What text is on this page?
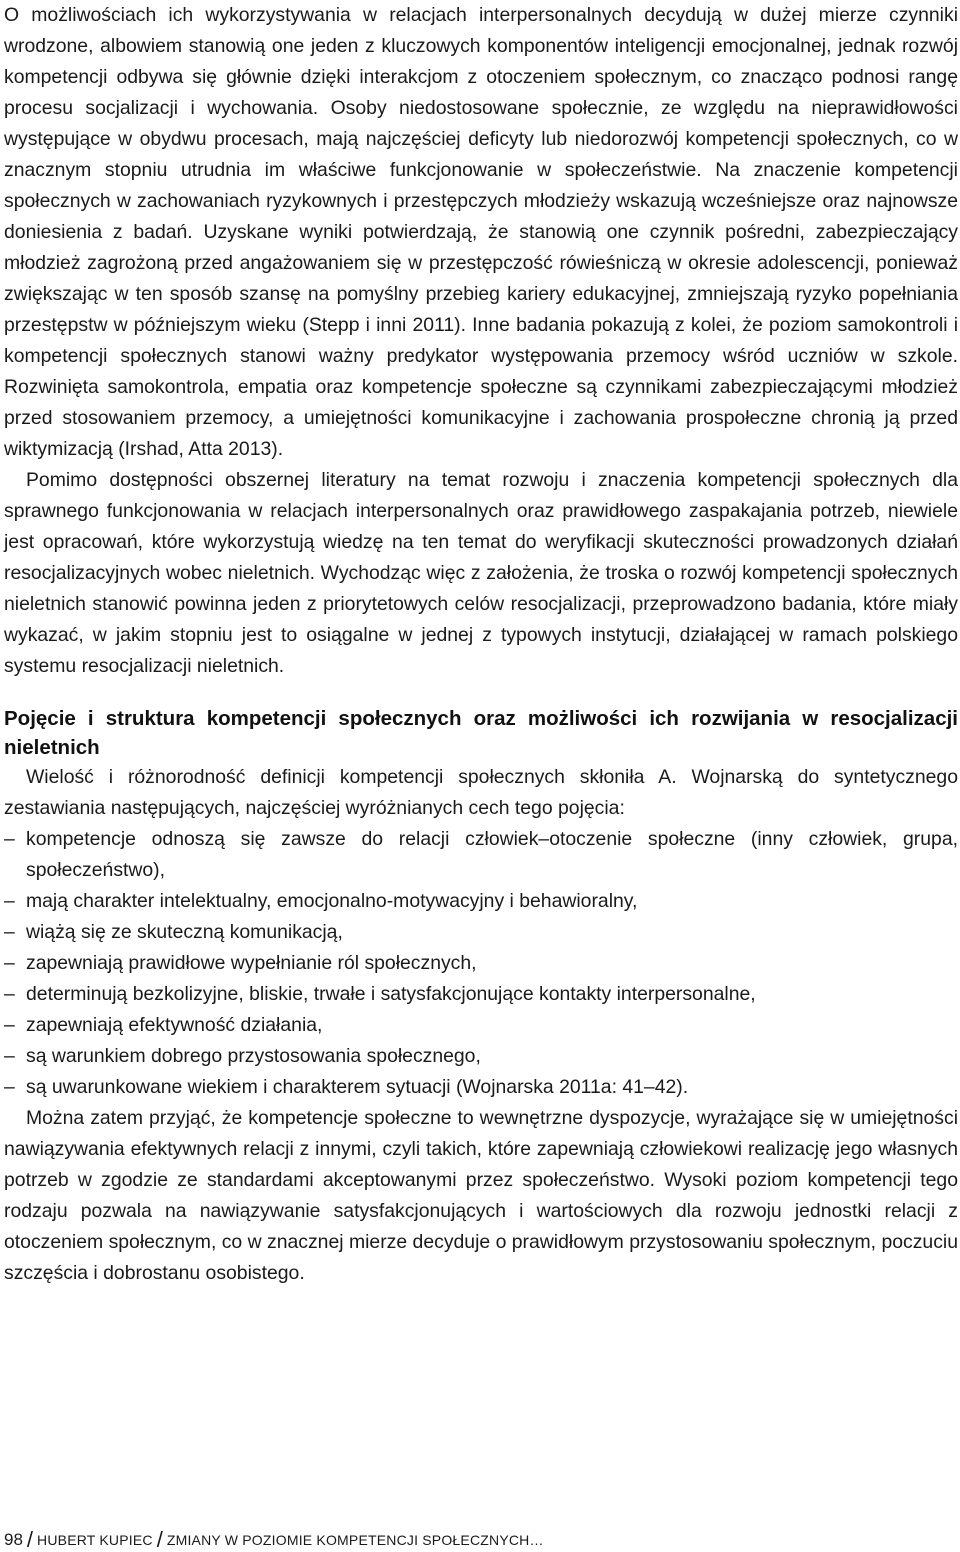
O możliwościach ich wykorzystywania w relacjach interpersonalnych decydują w dużej mierze czynniki wrodzone, albowiem stanowią one jeden z kluczowych komponentów inteligencji emocjonalnej, jednak rozwój kompetencji odbywa się głównie dzięki interakcjom z otoczeniem społecznym, co znacząco podnosi rangę procesu socjalizacji i wychowania. Osoby niedostosowane społecznie, ze względu na nieprawidłowości występujące w obydwu procesach, mają najczęściej deficyty lub niedorozwój kompetencji społecznych, co w znacznym stopniu utrudnia im właściwe funkcjonowanie w społeczeństwie. Na znaczenie kompetencji społecznych w zachowaniach ryzykownych i przestępczych młodzieży wskazują wcześniejsze oraz najnowsze doniesienia z badań. Uzyskane wyniki potwierdzają, że stanowią one czynnik pośredni, zabezpieczający młodzież zagrożoną przed angażowaniem się w przestępczość rówieśniczą w okresie adolescencji, ponieważ zwiększając w ten sposób szansę na pomyślny przebieg kariery edukacyjnej, zmniejszają ryzyko popełniania przestępstw w późniejszym wieku (Stepp i inni 2011). Inne badania pokazują z kolei, że poziom samokontroli i kompetencji społecznych stanowi ważny predykator występowania przemocy wśród uczniów w szkole. Rozwinięta samokontrola, empatia oraz kompetencje społeczne są czynnikami zabezpieczającymi młodzież przed stosowaniem przemocy, a umiejętności komunikacyjne i zachowania prospołeczne chronią ją przed wiktymizacją (Irshad, Atta 2013).

Pomimo dostępności obszernej literatury na temat rozwoju i znaczenia kompetencji społecznych dla sprawnego funkcjonowania w relacjach interpersonalnych oraz prawidłowego zaspakajania potrzeb, niewiele jest opracowań, które wykorzystują wiedzę na ten temat do weryfikacji skuteczności prowadzonych działań resocjalizacyjnych wobec nieletnich. Wychodząc więc z założenia, że troska o rozwój kompetencji społecznych nieletnich stanowić powinna jeden z priorytetowych celów resocjalizacji, przeprowadzono badania, które miały wykazać, w jakim stopniu jest to osiągalne w jednej z typowych instytucji, działającej w ramach polskiego systemu resocjalizacji nieletnich.

Pojęcie i struktura kompetencji społecznych oraz możliwości ich rozwijania w resocjalizacji nieletnich

Wielość i różnorodność definicji kompetencji społecznych skłoniła A. Wojnarską do syntetycznego zestawiania następujących, najczęściej wyróżnianych cech tego pojęcia:

– kompetencje odnoszą się zawsze do relacji człowiek–otoczenie społeczne (inny człowiek, grupa, społeczeństwo),
– mają charakter intelektualny, emocjonalno-motywacyjny i behawioralny,
– wiążą się ze skuteczną komunikacją,
– zapewniają prawidłowe wypełnianie ról społecznych,
– determinują bezkolizyjne, bliskie, trwałe i satysfakcjonujące kontakty interpersonalne,
– zapewniają efektywność działania,
– są warunkiem dobrego przystosowania społecznego,
– są uwarunkowane wiekiem i charakterem sytuacji (Wojnarska 2011a: 41–42).

Można zatem przyjąć, że kompetencje społeczne to wewnętrzne dyspozycje, wyrażające się w umiejętności nawiązywania efektywnych relacji z innymi, czyli takich, które zapewniają człowiekowi realizację jego własnych potrzeb w zgodzie ze standardami akceptowanymi przez społeczeństwo. Wysoki poziom kompetencji tego rodzaju pozwala na nawiązywanie satysfakcjonujących i wartościowych dla rozwoju jednostki relacji z otoczeniem społecznym, co w znacznej mierze decyduje o prawidłowym przystosowaniu społecznym, poczuciu szczęścia i dobrostanu osobistego.

98 / HUBERT KUPIEC / ZMIANY W POZIOMIE KOMPETENCJI SPOŁECZNYCH…
